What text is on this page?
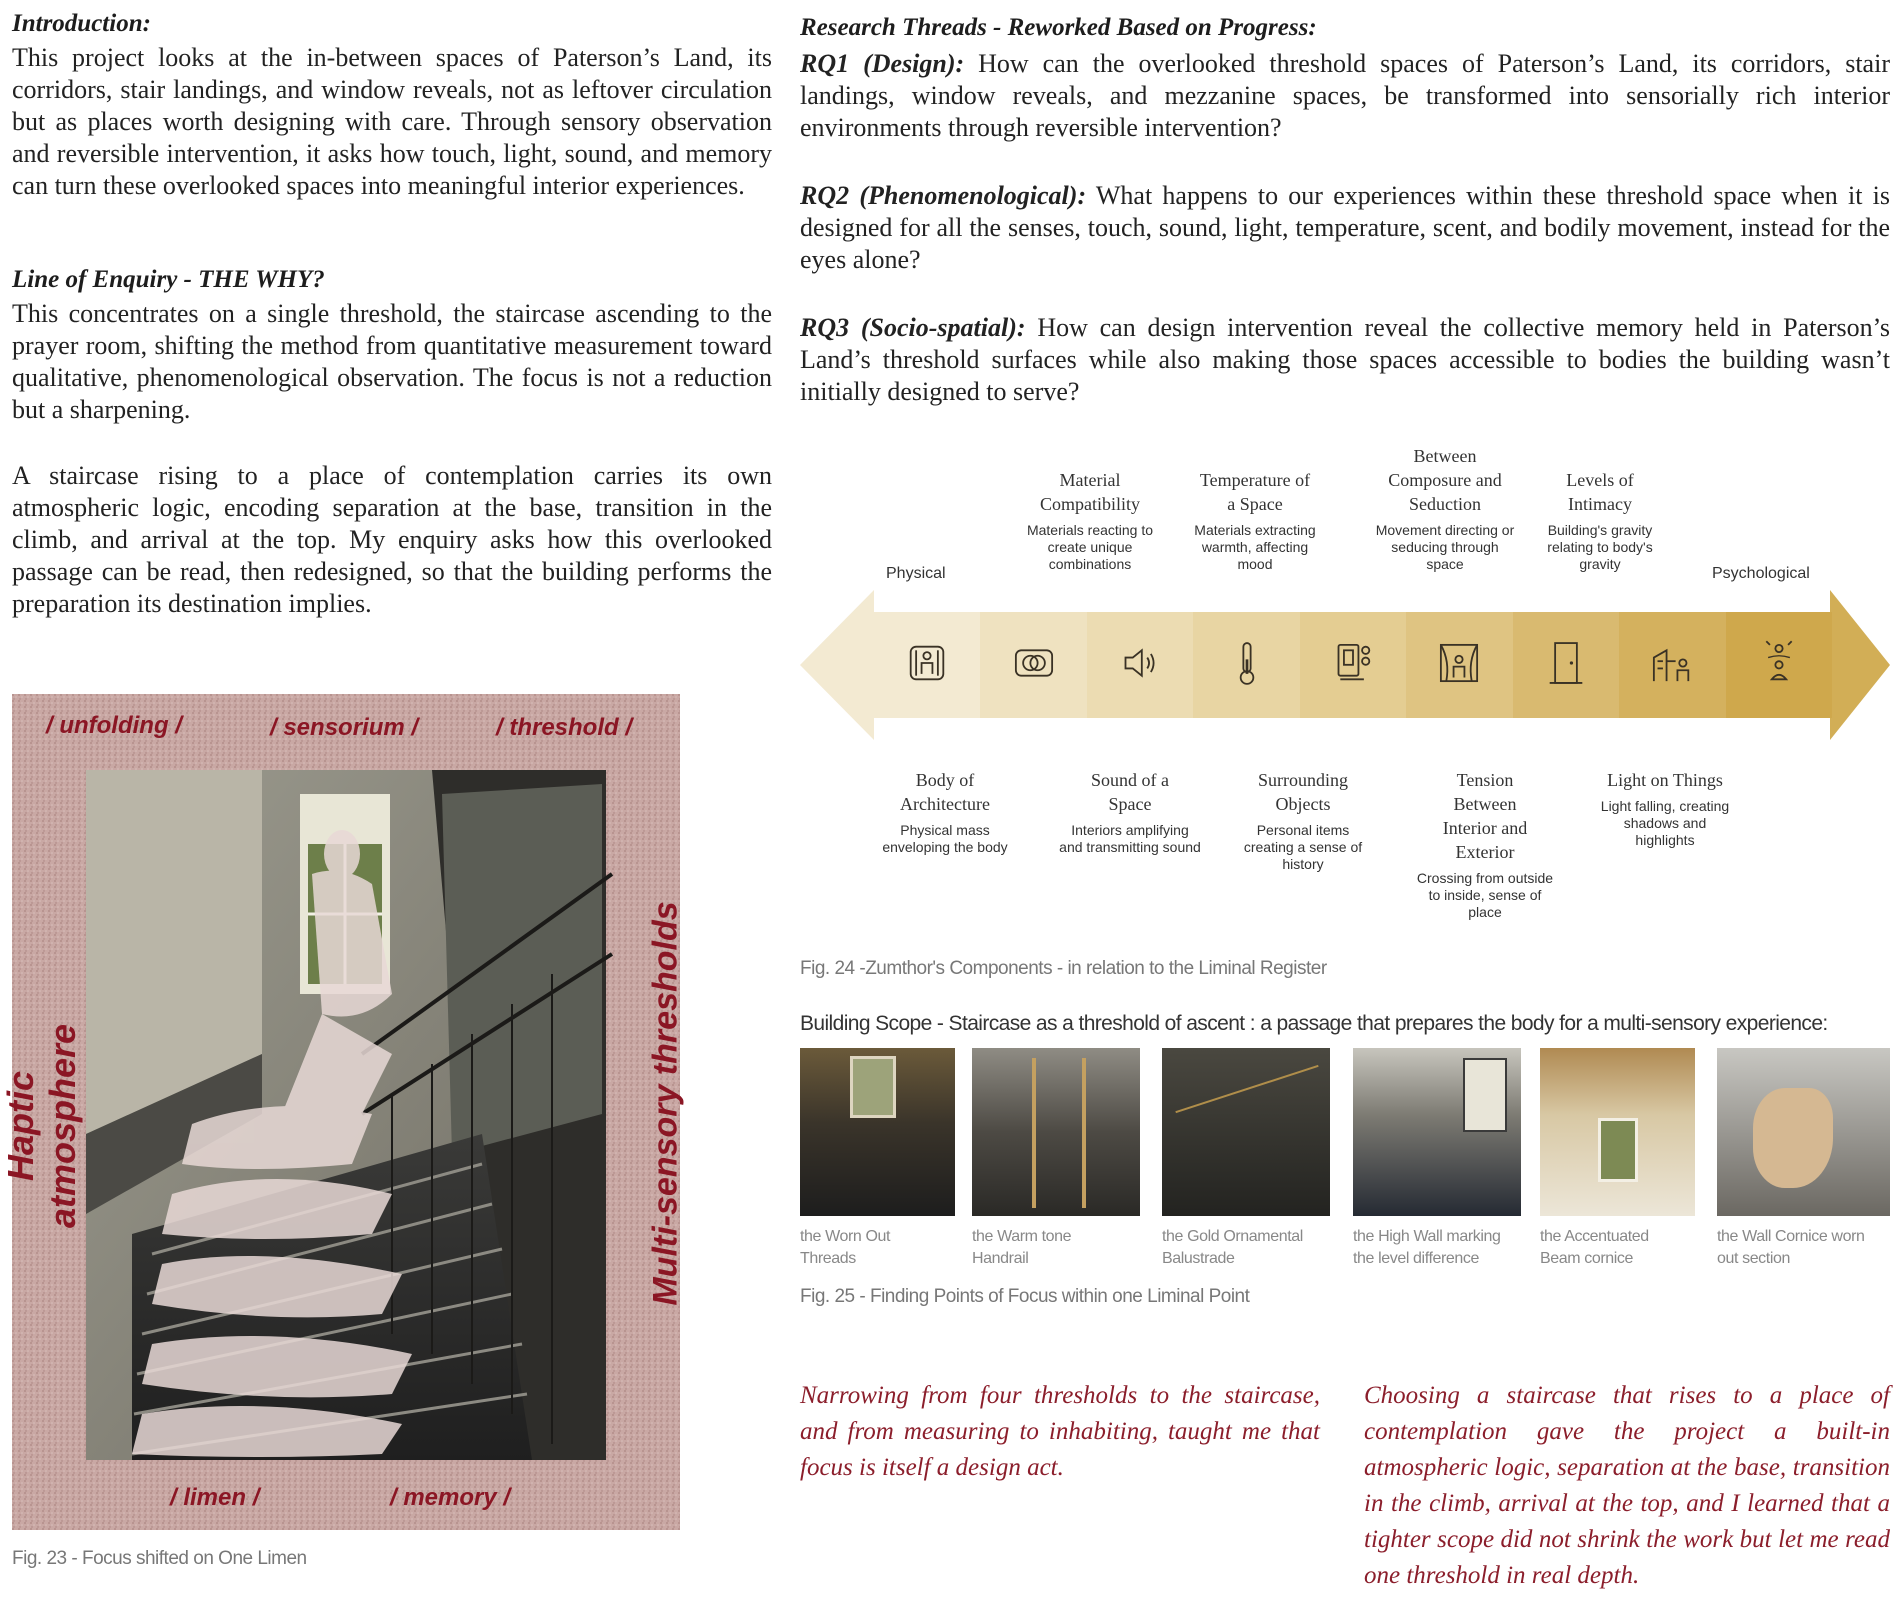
Introduction:
This project looks at the in-between spaces of Paterson’s Land, its corridors, stair landings, and window reveals, not as leftover circulation but as places worth designing with care. Through sensory observation and reversible intervention, it asks how touch, light, sound, and memory can turn these overlooked spaces into meaningful interior experiences.
Line of Enquiry - THE WHY?
This concentrates on a single threshold, the staircase ascending to the prayer room, shifting the method from quantitative measurement toward qualitative, phenomenological observation. The focus is not a reduction but a sharpening.
A staircase rising to a place of contemplation carries its own atmospheric logic, encoding separation at the base, transition in the climb, and arrival at the top. My enquiry asks how this overlooked passage can be read, then redesigned, so that the building performs the preparation its destination implies.
/ unfolding /	/ sensorium /	/ threshold /
/ limen /	/ memory /
Haptic atmosphere	Multi-sensory thresholds
Fig. 23 - Focus shifted on One Limen
Research Threads - Reworked Based on Progress:

RQ1 (Design): How can the overlooked threshold spaces of Paterson’s Land, its corridors, stair landings, window reveals, and mezzanine spaces, be transformed into sensorially rich interior environments through reversible intervention?

RQ2 (Phenomenological): What happens to our experiences within these threshold space when it is designed for all the senses, touch, sound, light, temperature, scent, and bodily movement, instead for the eyes alone?

RQ3 (Socio-spatial): How can design intervention reveal the collective memory held in Paterson’s Land’s threshold surfaces while also making those spaces accessible to bodies the building wasn’t initially designed to serve?

Physical	Psychological
Material
Compatibility
Materials reacting to
create unique
combinations
Temperature of
a Space
Materials extracting
warmth, affecting
mood
Between
Composure and
Seduction
Movement directing or
seducing through
space
Levels of
Intimacy
Building's gravity
relating to body's
gravity
Body of
Architecture
Physical mass
enveloping the body
Sound of a
Space
Interiors amplifying
and transmitting sound
Surrounding
Objects
Personal items
creating a sense of
history
Tension
Between
Interior and
Exterior
Crossing from outside
to inside, sense of
place
Light on Things
Light falling, creating
shadows and
highlights
Fig. 24 -Zumthor's Components - in relation to the Liminal Register
Building Scope - Staircase as a threshold of ascent : a passage that prepares the body for a multi-sensory experience:
the Worn Out
Threads
the Warm tone
Handrail
the Gold Ornamental
Balustrade
the High Wall marking
the level difference
the Accentuated
Beam cornice
the Wall Cornice worn
out section
Fig. 25 - Finding Points of Focus within one Liminal Point
Narrowing from four thresholds to the staircase, and from measuring to inhabiting, taught me that focus is itself a design act.
Choosing a staircase that rises to a place of contemplation gave the project a built-in atmospheric logic, separation at the base, transition in the climb, arrival at the top, and I learned that a tighter scope did not shrink the work but let me read one threshold in real depth.
